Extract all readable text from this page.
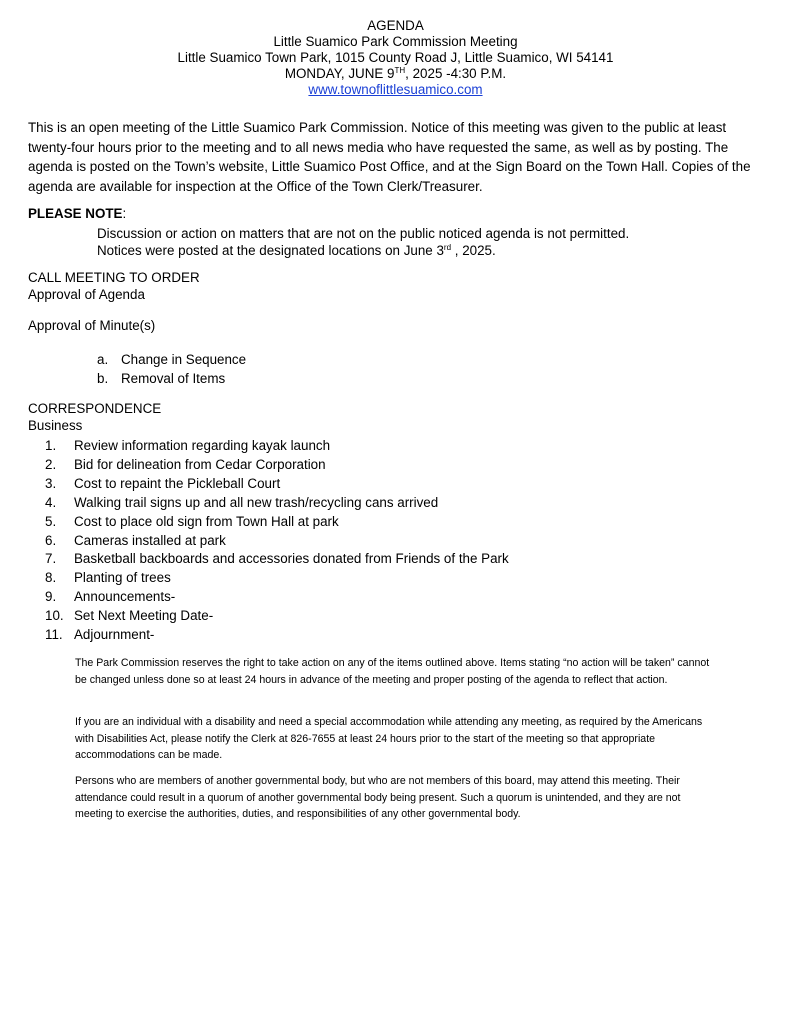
AGENDA
Little Suamico Park Commission Meeting
Little Suamico Town Park, 1015 County Road J, Little Suamico, WI 54141
MONDAY, JUNE 9TH, 2025 -4:30 P.M.
www.townoflittlesuamico.com
This is an open meeting of the Little Suamico Park Commission. Notice of this meeting was given to the public at least twenty-four hours prior to the meeting and to all news media who have requested the same, as well as by posting. The agenda is posted on the Town’s website, Little Suamico Post Office, and at the Sign Board on the Town Hall. Copies of the agenda are available for inspection at the Office of the Town Clerk/Treasurer.
PLEASE NOTE:
Discussion or action on matters that are not on the public noticed agenda is not permitted.
Notices were posted at the designated locations on June 3rd , 2025.
CALL MEETING TO ORDER
Approval of Agenda
Approval of Minute(s)
a. Change in Sequence
b. Removal of Items
CORRESPONDENCE
Business
1.	Review information regarding kayak launch
2.	Bid for delineation from Cedar Corporation
3.	Cost to repaint the Pickleball Court
4.	Walking trail signs up and all new trash/recycling cans arrived
5.	Cost to place old sign from Town Hall at park
6.	Cameras installed at park
7.	Basketball backboards and accessories donated from Friends of the Park
8.	Planting of trees
9.	Announcements-
10. Set Next Meeting Date-
11. Adjournment-
The Park Commission reserves the right to take action on any of the items outlined above. Items stating “no action will be taken” cannot be changed unless done so at least 24 hours in advance of the meeting and proper posting of the agenda to reflect that action.
If you are an individual with a disability and need a special accommodation while attending any meeting, as required by the Americans with Disabilities Act, please notify the Clerk at 826-7655 at least 24 hours prior to the start of the meeting so that appropriate accommodations can be made.
Persons who are members of another governmental body, but who are not members of this board, may attend this meeting. Their attendance could result in a quorum of another governmental body being present. Such a quorum is unintended, and they are not meeting to exercise the authorities, duties, and responsibilities of any other governmental body.
